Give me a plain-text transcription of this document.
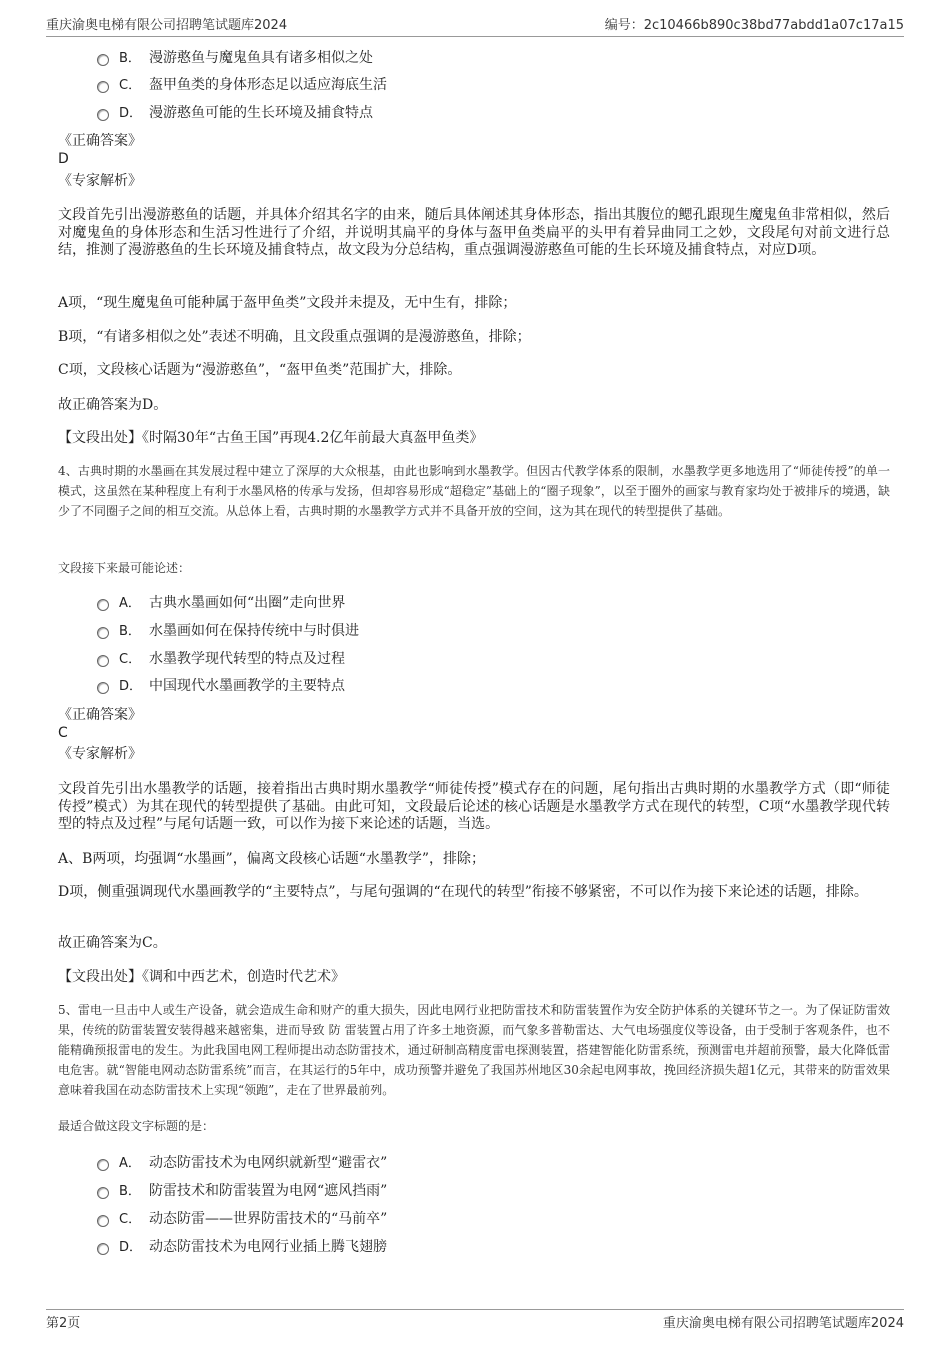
重庆渝奥电梯有限公司招聘笔试题库2024	编号：2c10466b890c38bd77abdd1a07c17a15
B． 漫游憨鱼与魔鬼鱼具有诸多相似之处
C． 盔甲鱼类的身体形态足以适应海底生活
D． 漫游憨鱼可能的生长环境及捕食特点
《正确答案》
D
《专家解析》
文段首先引出漫游憨鱼的话题，并具体介绍其名字的由来，随后具体阐述其身体形态，指出其腹位的鳃孔跟现生魔鬼鱼非常相似，然后对魔鬼鱼的身体形态和生活习性进行了介绍，并说明其扁平的身体与盔甲鱼类扁平的头甲有着异曲同工之妙，文段尾句对前文进行总结，推测了漫游憨鱼的生长环境及捕食特点，故文段为分总结构，重点强调漫游憨鱼可能的生长环境及捕食特点，对应D项。
A项，“现生魔鬼鱼可能种属于盔甲鱼类”文段并未提及，无中生有，排除；
B项，“有诸多相似之处”表述不明确，且文段重点强调的是漫游憨鱼，排除；
C项，文段核心话题为“漫游憨鱼”，“盔甲鱼类”范围扩大，排除。
故正确答案为D。
【文段出处】《时隔30年“古鱼王国”再现4.2亿年前最大真盔甲鱼类》
4、古典时期的水墨画在其发展过程中建立了深厚的大众根基，由此也影响到水墨教学。但因古代教学体系的限制，水墨教学更多地选用了“师徒传授”的单一模式，这虽然在某种程度上有利于水墨风格的传承与发扬，但却容易形成“超稳定”基础上的“圈子现象”，以至于圈外的画家与教育家均处于被排斥的境遇，缺少了不同圈子之间的相互交流。从总体上看，古典时期的水墨教学方式并不具备开放的空间，这为其在现代的转型提供了基础。
文段接下来最可能论述：
A． 古典水墨画如何“出圈”走向世界
B． 水墨画如何在保持传统中与时俱进
C． 水墨教学现代转型的特点及过程
D． 中国现代水墨画教学的主要特点
《正确答案》
C
《专家解析》
文段首先引出水墨教学的话题，接着指出古典时期水墨教学“师徒传授”模式存在的问题，尾句指出古典时期的水墨教学方式（即“师徒传授”模式）为其在现代的转型提供了基础。由此可知，文段最后论述的核心话题是水墨教学方式在现代的转型，C项“水墨教学现代转型的特点及过程”与尾句话题一致，可以作为接下来论述的话题，当选。
A、B两项，均强调“水墨画”，偏离文段核心话题“水墨教学”，排除；
D项，侧重强调现代水墨画教学的“主要特点”，与尾句强调的“在现代的转型”衔接不够紧密，不可以作为接下来论述的话题，排除。
故正确答案为C。
【文段出处】《调和中西艺术，创造时代艺术》
5、雷电一旦击中人或生产设备，就会造成生命和财产的重大损失，因此电网行业把防雷技术和防雷装置作为安全防护体系的关键环节之一。为了保证防雷效果，传统的防雷装置安装得越来越密集，进而导致 防 雷装置占用了许多土地资源，而气象多普勒雷达、大气电场强度仪等设备，由于受制于客观条件，也不能精确预报雷电的发生。为此我国电网工程师提出动态防雷技术，通过研制高精度雷电探测装置，搭建智能化防雷系统，预测雷电并超前预警，最大化降低雷电危害。就“智能电网动态防雷系统”而言，在其运行的5年中，成功预警并避免了我国苏州地区30余起电网事故，挽回经济损失超1亿元，其带来的防雷效果意味着我国在动态防雷技术上实现“领跑”，走在了世界最前列。
最适合做这段文字标题的是：
A． 动态防雷技术为电网织就新型“避雷衣”
B． 防雷技术和防雷装置为电网“遮风挡雨”
C． 动态防雷——世界防雷技术的“马前卒”
D． 动态防雷技术为电网行业插上腾飞翅膀
第2页	重庆渝奥电梯有限公司招聘笔试题库2024
